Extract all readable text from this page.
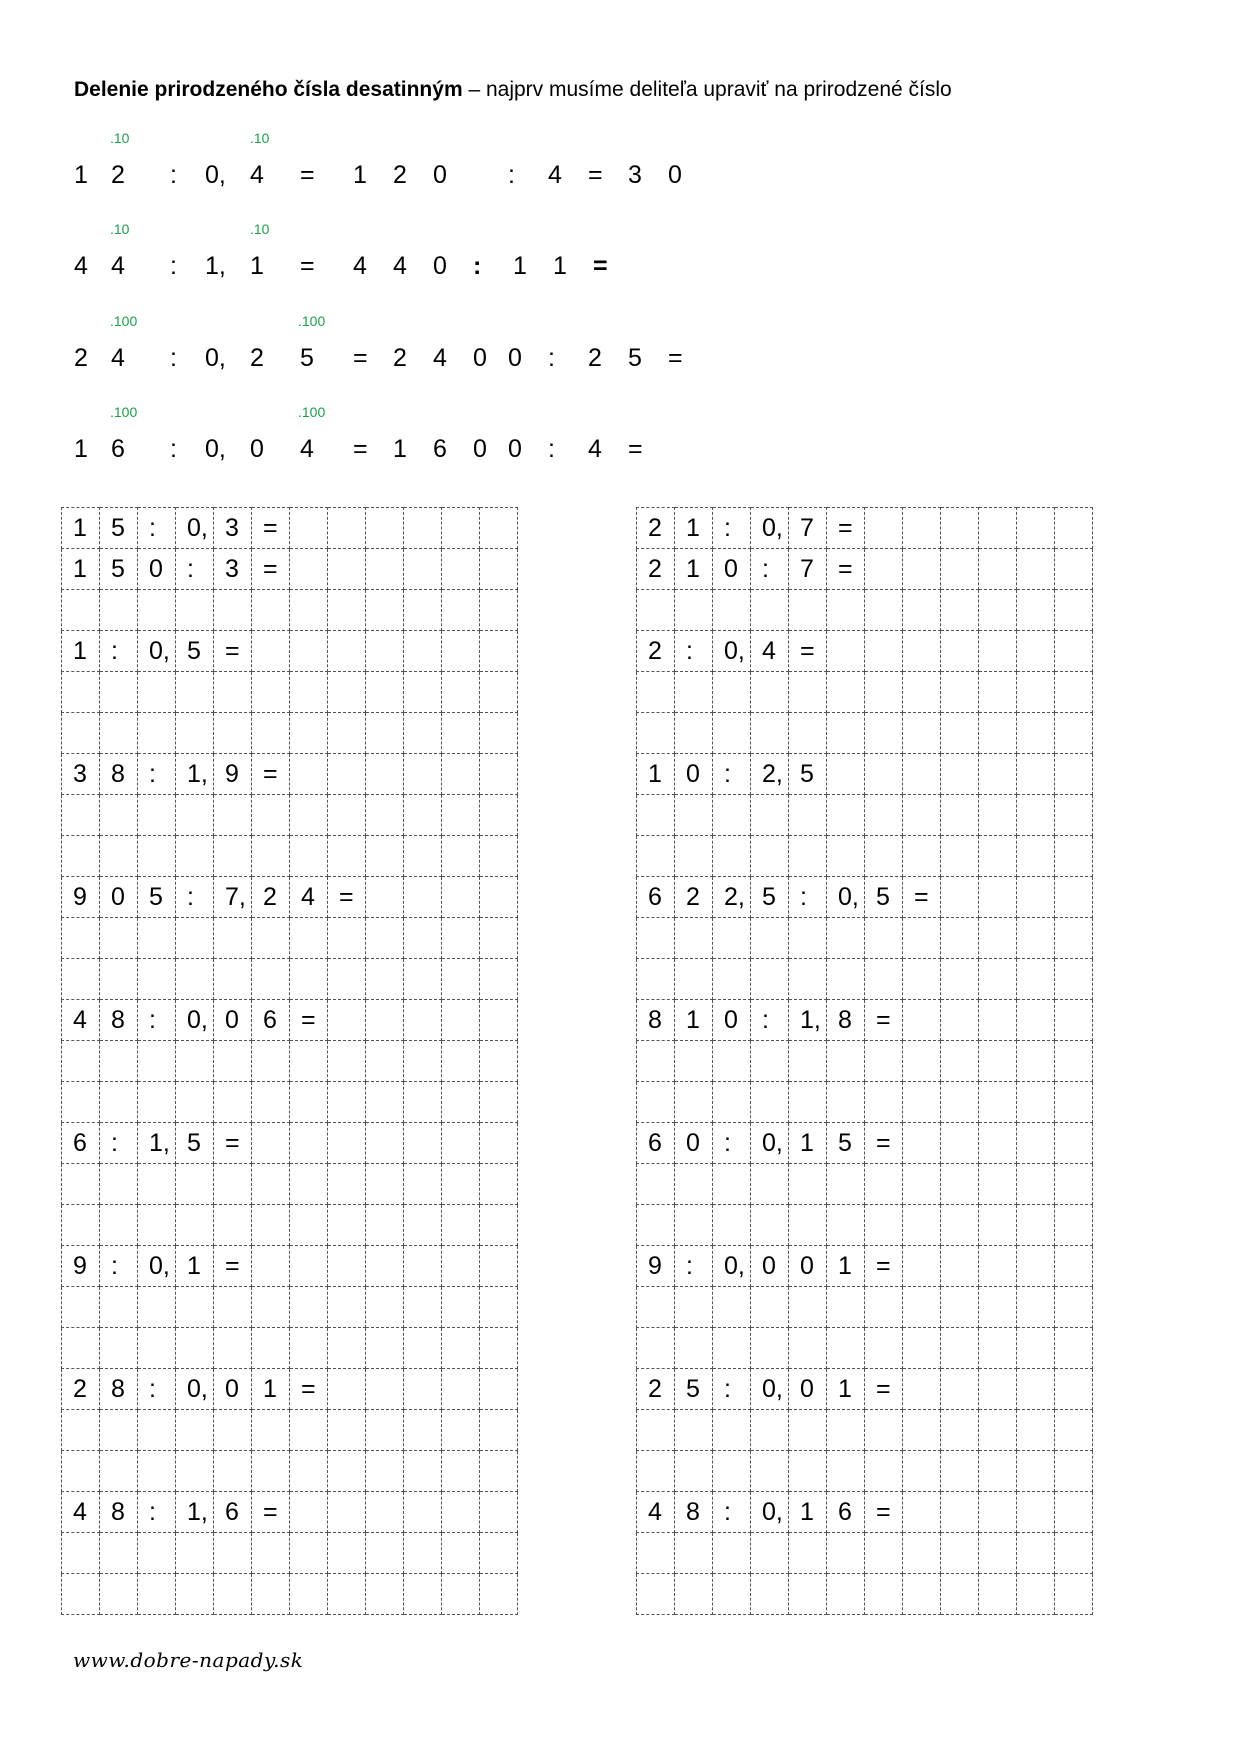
Delenie prirodzeného čísla desatinným – najprv musíme deliteľa upraviť na prirodzené číslo
1 2 : 0, 4 = 1 2 0 : 4 = 3 0
.10	.10
4 4 : 1, 1 = 4 4 0 : 1 1 =
.10	.10
2 4 : 0, 2 5 = 2 4 0 0 : 2 5 =
.100	.100
1 6 : 0, 0 4 = 1 6 0 0 : 4 =
.100	.100
1	5	:	0,	3	=						
1	5	0	:	3	=						

1	:	0,	5	=							

3	8	:	1,	9	=						

9	0	5	:	7,	2	4	=				

4	8	:	0,	0	6	=					

6	:	1,	5	=							

9	:	0,	1	=							

2	8	:	0,	0	1	=					

4	8	:	1,	6	=						

2	1	:	0,	7	=						
2	1	0	:	7	=						

2	:	0,	4	=							

1	0	:	2,	5							

6	2	2,	5	:	0,	5	=				

8	1	0	:	1,	8	=					

6	0	:	0,	1	5	=					

9	:	0,	0	0	1	=					

2	5	:	0,	0	1	=					

4	8	:	0,	1	6	=					

www.dobre-napady.sk
